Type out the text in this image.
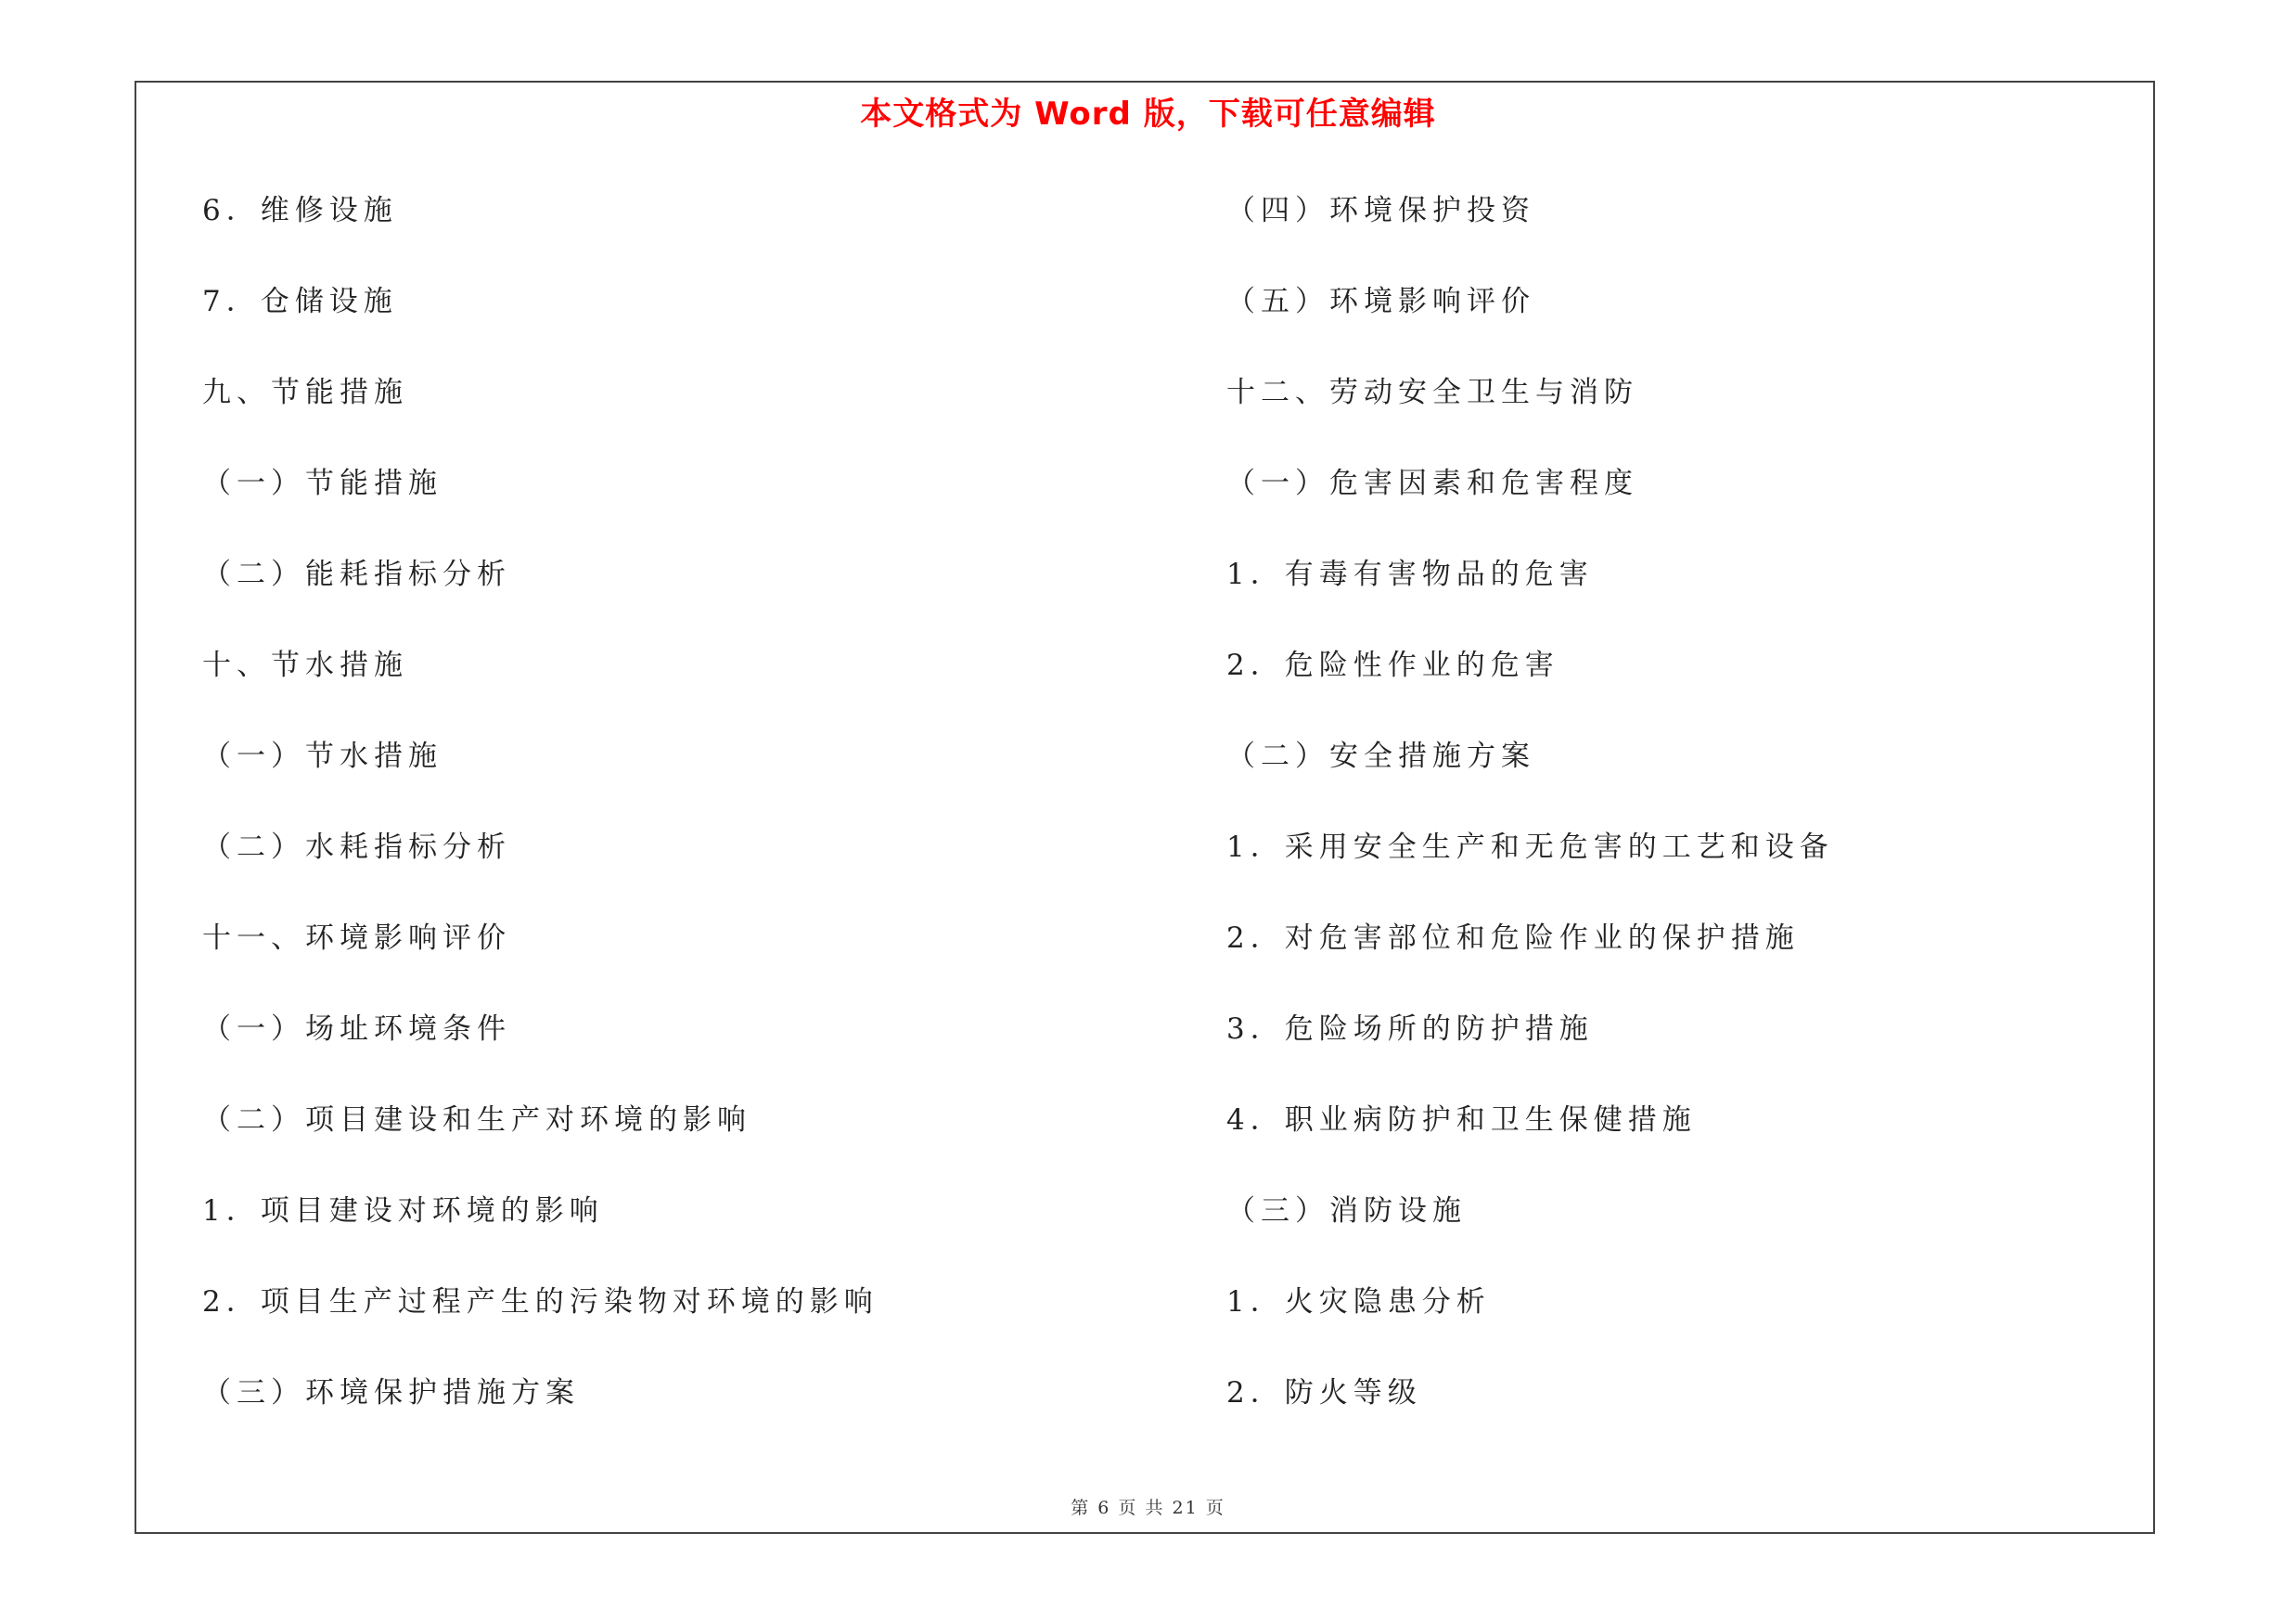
本文格式为 Word 版，下载可任意编辑
6．维修设施
7．仓储设施
九、节能措施
（一）节能措施
（二）能耗指标分析
十、节水措施
（一）节水措施
（二）水耗指标分析
十一、环境影响评价
（一）场址环境条件
（二）项目建设和生产对环境的影响
1．项目建设对环境的影响
2．项目生产过程产生的污染物对环境的影响
（三）环境保护措施方案
（四）环境保护投资
（五）环境影响评价
十二、劳动安全卫生与消防
（一）危害因素和危害程度
1．有毒有害物品的危害
2．危险性作业的危害
（二）安全措施方案
1．采用安全生产和无危害的工艺和设备
2．对危害部位和危险作业的保护措施
3．危险场所的防护措施
4．职业病防护和卫生保健措施
（三）消防设施
1．火灾隐患分析
2．防火等级
第 6 页 共 21 页
